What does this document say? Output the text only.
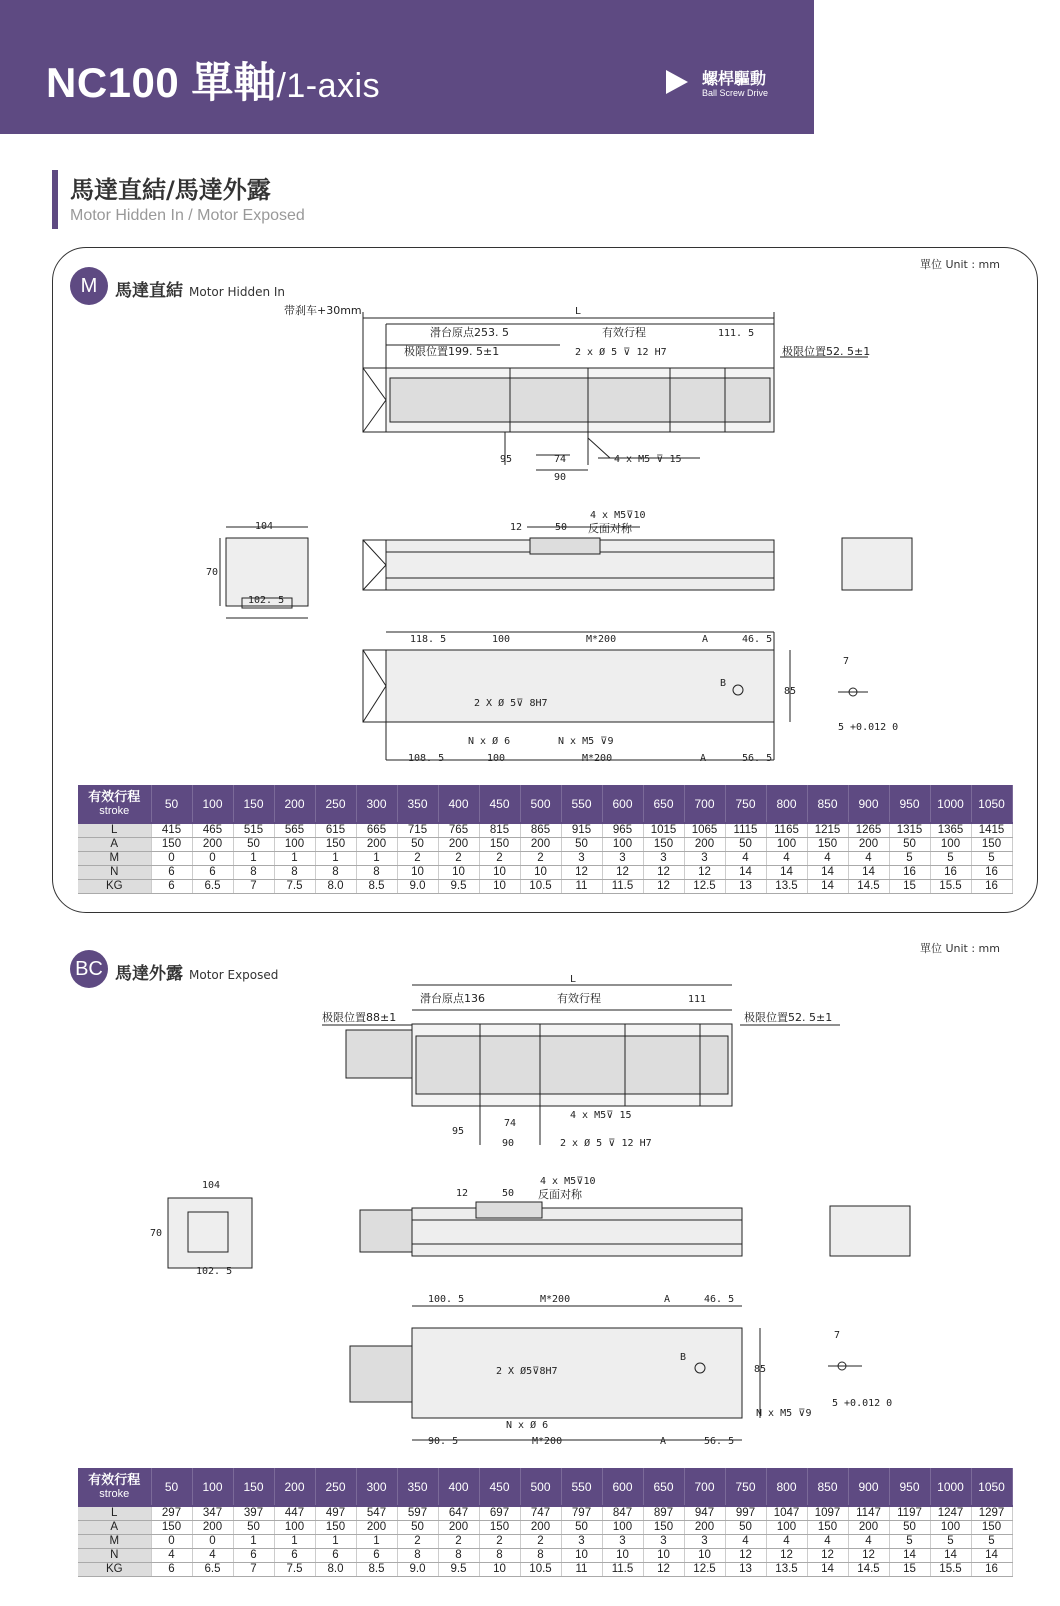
NC100 單軸/1-axis	螺桿驅動
Ball Screw Drive
馬達直結/馬達外露
Motor Hidden In / Motor Exposed
單位 Unit : mm
M	馬達直結 Motor Hidden In
带刹车+30mm	L
滑台原点253. 5	有效行程	111. 5
极限位置199. 5±1	2 x Ø 5 ⊽ 12 H7	极限位置52. 5±1
95	74
90
4 x M5 ⊽ 15
104
70
102. 5
12	50
4 x M5⊽10
反面对称
118. 5	100	M*200	A	46. 5
B
85
2 X Ø 5⊽ 8H7
7
5 +0.012 0
N x Ø 6	N x M5 ⊽9
108. 5	100	M*200	A	56. 5
L
滑台原点136	有效行程	111
极限位置88±1	极限位置52. 5±1
95
74
90
4 x M5⊽ 15
2 x Ø 5 ⊽ 12 H7
104
70
102. 5
12	50
4 x M5⊽10
反面对称
100. 5	M*200	A	46. 5
B
85
2 X Ø5⊽8H7
7
5 +0.012 0
N x Ø 6
N x M5 ⊽9
90. 5	M*200	A	56. 5
有效行程
stroke	50	100	150	200	250	300	350	400	450	500	550	600	650	700	750	800	850	900	950	1000	1050
L	415	465	515	565	615	665	715	765	815	865	915	965	1015	1065	1115	1165	1215	1265	1315	1365	1415
A	150	200	50	100	150	200	50	200	150	200	50	100	150	200	50	100	150	200	50	100	150
M	0	0	1	1	1	1	2	2	2	2	3	3	3	3	4	4	4	4	5	5	5
N	6	6	8	8	8	8	10	10	10	10	12	12	12	12	14	14	14	14	16	16	16
KG	6	6.5	7	7.5	8.0	8.5	9.0	9.5	10	10.5	11	11.5	12	12.5	13	13.5	14	14.5	15	15.5	16
單位 Unit : mm
BC 馬達外露 Motor Exposed
有效行程
stroke	50	100	150	200	250	300	350	400	450	500	550	600	650	700	750	800	850	900	950	1000	1050
L	297	347	397	447	497	547	597	647	697	747	797	847	897	947	997	1047	1097	1147	1197	1247	1297
A	150	200	50	100	150	200	50	200	150	200	50	100	150	200	50	100	150	200	50	100	150
M	0	0	1	1	1	1	2	2	2	2	3	3	3	3	4	4	4	4	5	5	5
N	4	4	6	6	6	6	8	8	8	8	10	10	10	10	12	12	12	12	14	14	14
KG	6	6.5	7	7.5	8.0	8.5	9.0	9.5	10	10.5	11	11.5	12	12.5	13	13.5	14	14.5	15	15.5	16
